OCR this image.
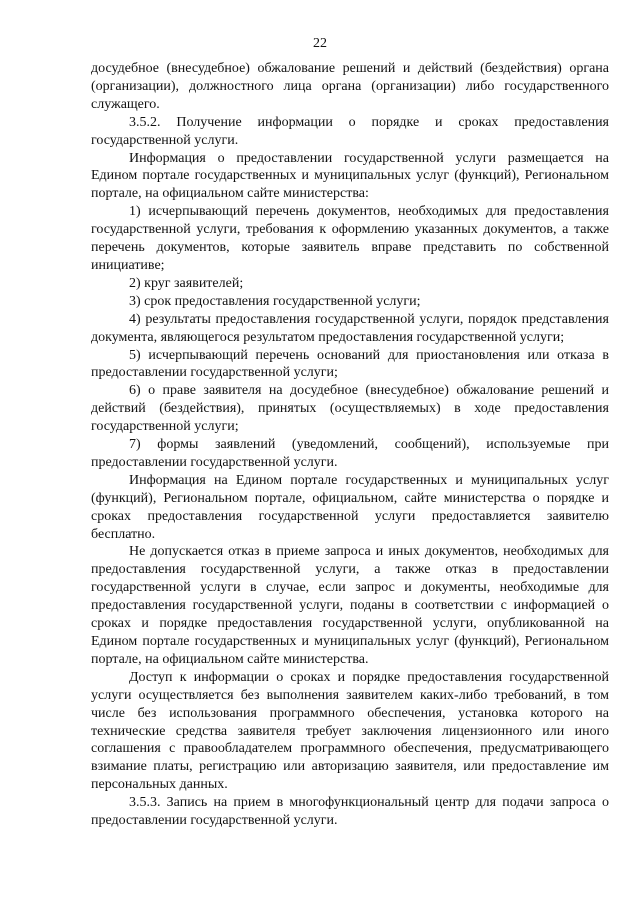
22

досудебное (внесудебное) обжалование решений и действий (бездействия) органа (организации), должностного лица органа (организации) либо государственного служащего.

3.5.2. Получение информации о порядке и сроках предоставления государственной услуги.

Информация о предоставлении государственной услуги размещается на Едином портале государственных и муниципальных услуг (функций), Региональном портале, на официальном сайте министерства:

1) исчерпывающий перечень документов, необходимых для предоставления государственной услуги, требования к оформлению указанных документов, а также перечень документов, которые заявитель вправе представить по собственной инициативе;

2) круг заявителей;

3) срок предоставления государственной услуги;

4) результаты предоставления государственной услуги, порядок представления документа, являющегося результатом предоставления государственной услуги;

5) исчерпывающий перечень оснований для приостановления или отказа в предоставлении государственной услуги;

6) о праве заявителя на досудебное (внесудебное) обжалование решений и действий (бездействия), принятых (осуществляемых) в ходе предоставления государственной услуги;

7) формы заявлений (уведомлений, сообщений), используемые при предоставлении государственной услуги.

Информация на Едином портале государственных и муниципальных услуг (функций), Региональном портале, официальном, сайте министерства о порядке и сроках предоставления государственной услуги предоставляется заявителю бесплатно.

Не допускается отказ в приеме запроса и иных документов, необходимых для предоставления государственной услуги, а также отказ в предоставлении государственной услуги в случае, если запрос и документы, необходимые для предоставления государственной услуги, поданы в соответствии с информацией о сроках и порядке предоставления государственной услуги, опубликованной на Едином портале государственных и муниципальных услуг (функций), Региональном портале, на официальном сайте министерства.

Доступ к информации о сроках и порядке предоставления государственной услуги осуществляется без выполнения заявителем каких-либо требований, в том числе без использования программного обеспечения, установка которого на технические средства заявителя требует заключения лицензионного или иного соглашения с правообладателем программного обеспечения, предусматривающего взимание платы, регистрацию или авторизацию заявителя, или предоставление им персональных данных.

3.5.3. Запись на прием в многофункциональный центр для подачи запроса о предоставлении государственной услуги.
